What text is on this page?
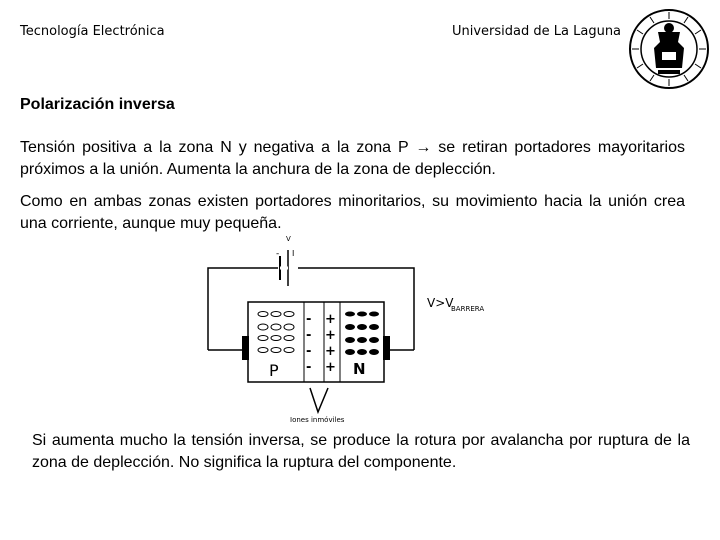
Tecnología Electrónica	Universidad de La Laguna
Polarización inversa
Tensión positiva a la zona N y negativa a la zona P → se retiran portadores mayoritarios próximos a la unión. Aumenta la anchura de la zona de deplección.
Como en ambas zonas existen portadores minoritarios, su movimiento hacia la unión crea una corriente, aunque muy pequeña.
V
- I
V>V
BARRERA
-
-
-
-
+
+
+
+
P	N
Iones inmóviles
Si aumenta mucho la tensión inversa, se produce la rotura por avalancha por ruptura de la zona de deplección. No significa la ruptura del componente.
